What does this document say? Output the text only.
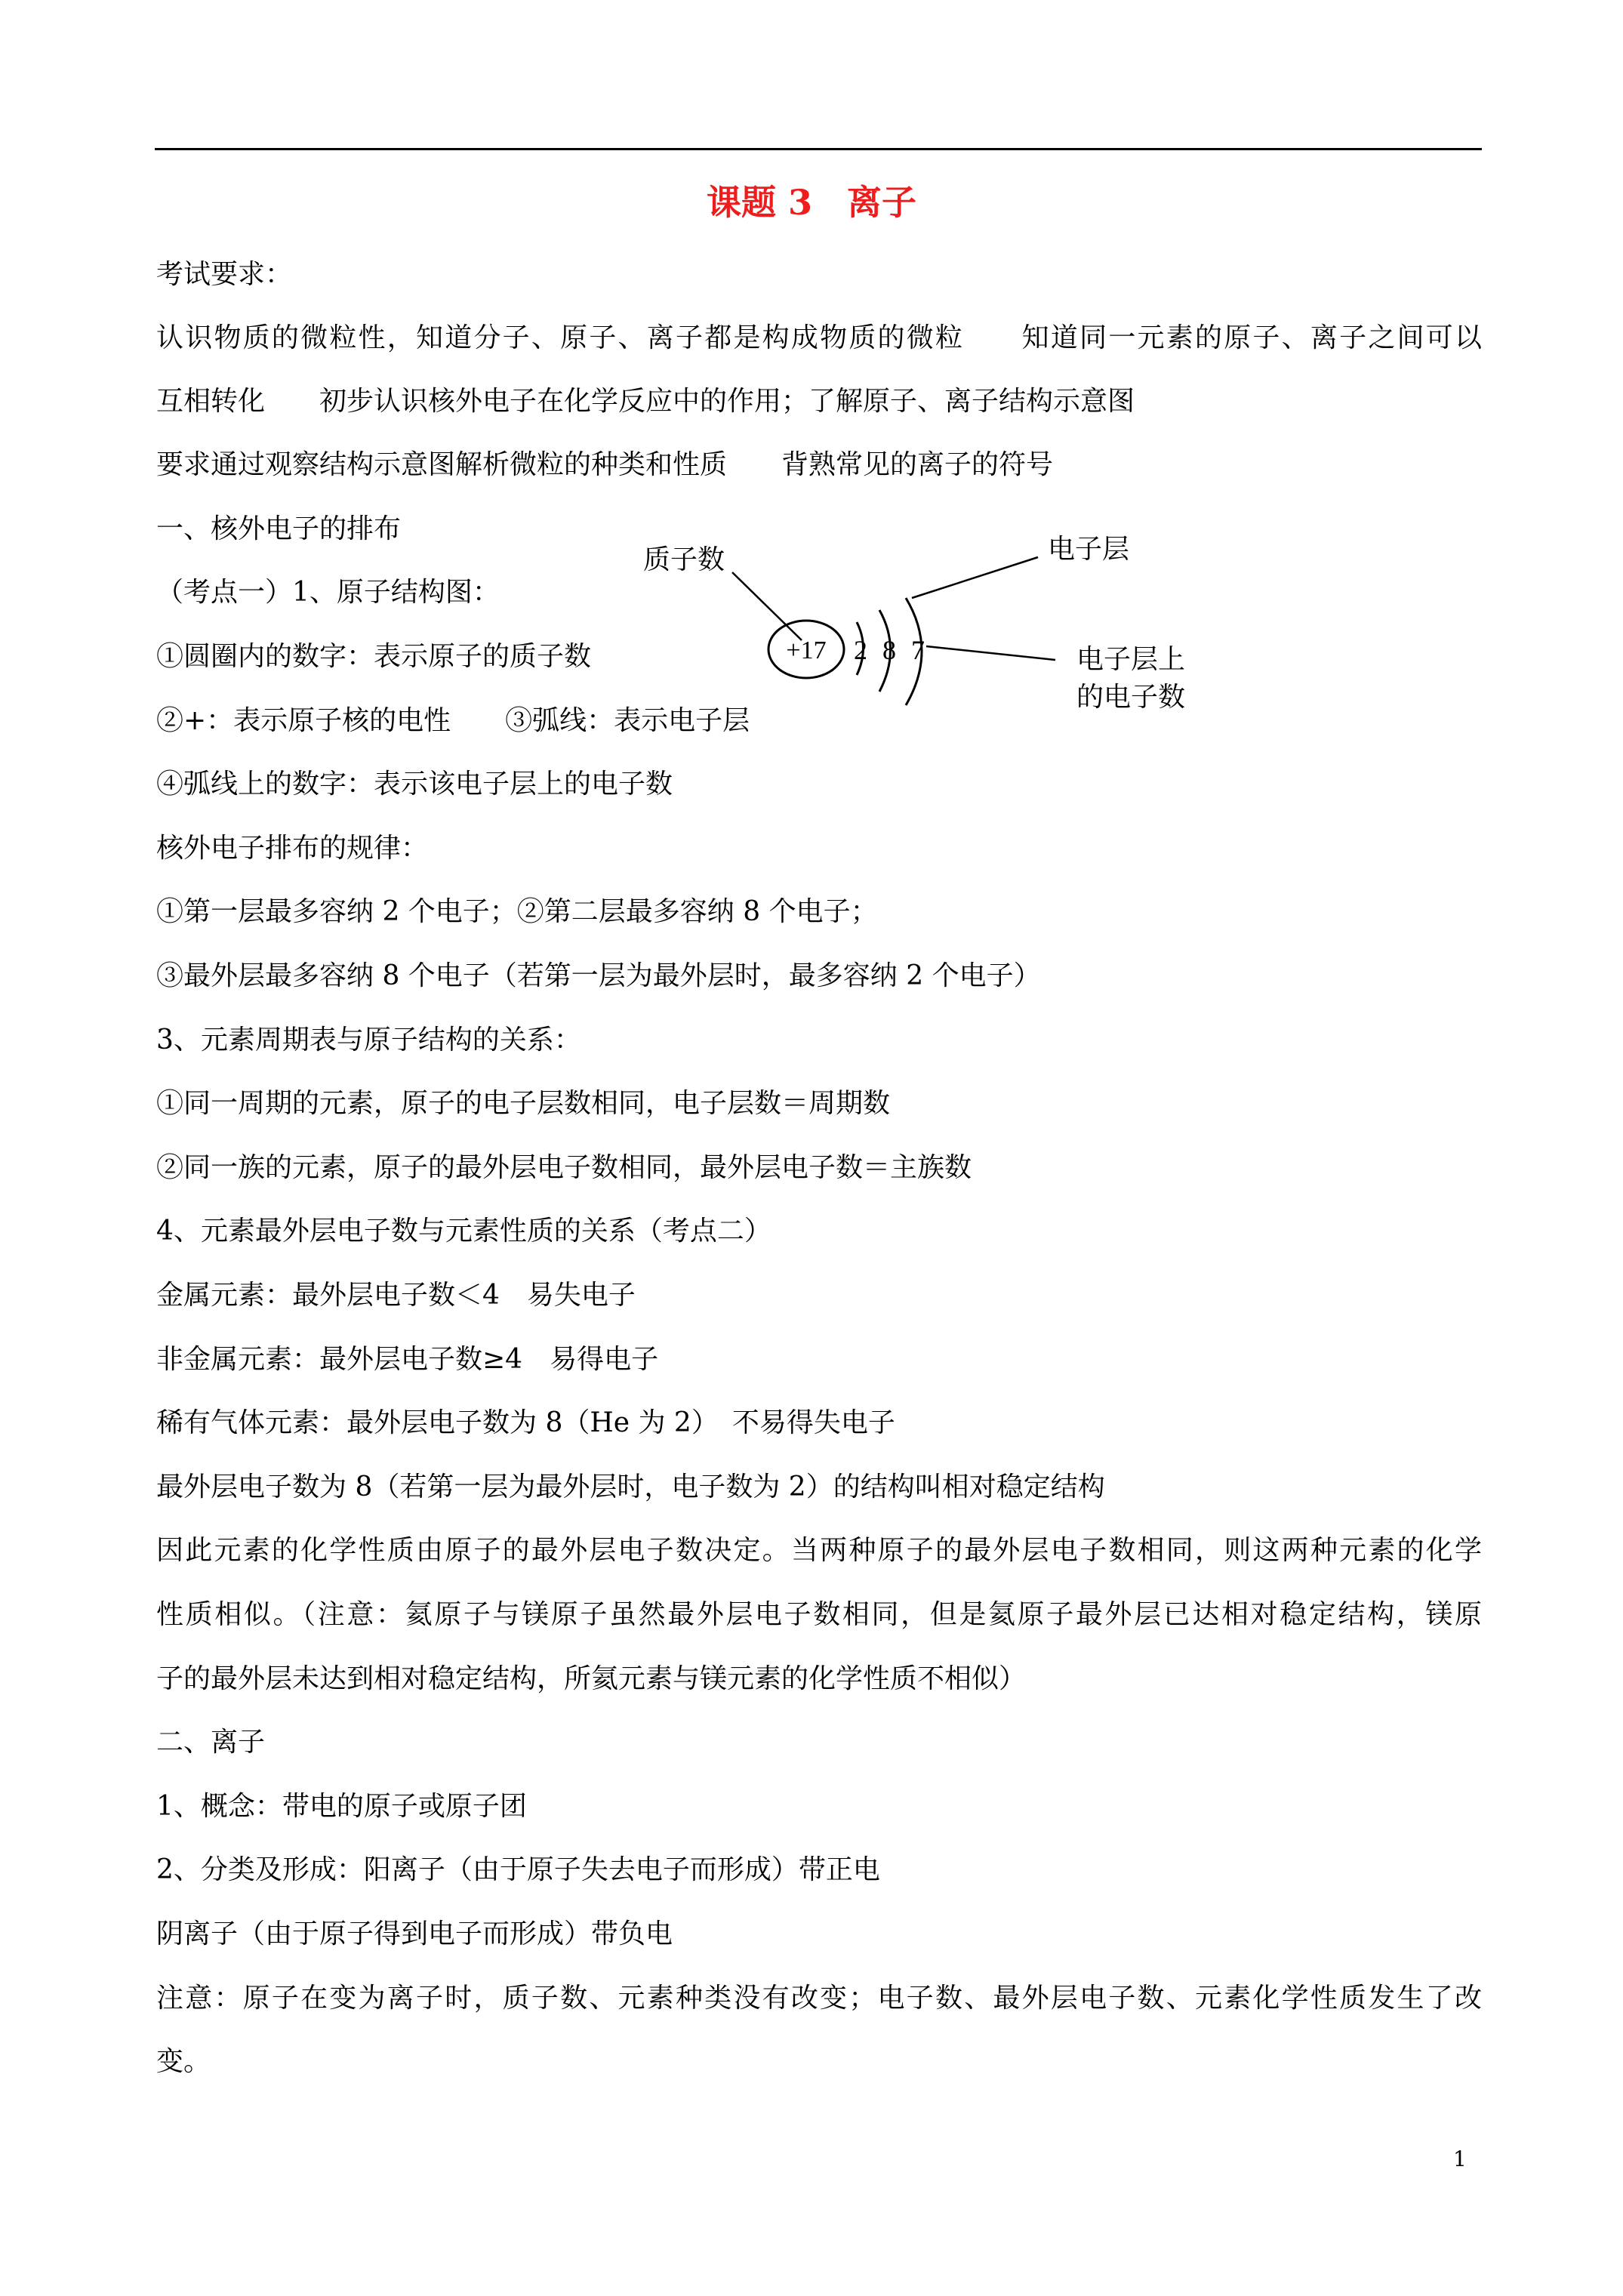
课题 3　离子
考试要求：
认识物质的微粒性，知道分子、原子、离子都是构成物质的微粒　　知道同一元素的原子、离子之间可以
互相转化　　初步认识核外电子在化学反应中的作用；了解原子、离子结构示意图
要求通过观察结构示意图解析微粒的种类和性质　　背熟常见的离子的符号
一、核外电子的排布
（考点一）1、原子结构图：
①圆圈内的数字：表示原子的质子数
②+：表示原子核的电性　　③弧线：表示电子层
④弧线上的数字：表示该电子层上的电子数
核外电子排布的规律：
①第一层最多容纳 2 个电子；②第二层最多容纳 8 个电子；
③最外层最多容纳 8 个电子（若第一层为最外层时，最多容纳 2 个电子）
3、元素周期表与原子结构的关系：
①同一周期的元素，原子的电子层数相同，电子层数＝周期数
②同一族的元素，原子的最外层电子数相同，最外层电子数＝主族数
4、元素最外层电子数与元素性质的关系（考点二）
金属元素：最外层电子数＜4　易失电子
非金属元素：最外层电子数≥4　易得电子
稀有气体元素：最外层电子数为 8（He 为 2）　不易得失电子
最外层电子数为 8（若第一层为最外层时，电子数为 2）的结构叫相对稳定结构
因此元素的化学性质由原子的最外层电子数决定。当两种原子的最外层电子数相同，则这两种元素的化学
性质相似。（注意：氦原子与镁原子虽然最外层电子数相同，但是氦原子最外层已达相对稳定结构，镁原
子的最外层未达到相对稳定结构，所氦元素与镁元素的化学性质不相似）
二、离子
1、概念：带电的原子或原子团
2、分类及形成：阳离子（由于原子失去电子而形成）带正电
阴离子（由于原子得到电子而形成）带负电
注意：原子在变为离子时，质子数、元素种类没有改变；电子数、最外层电子数、元素化学性质发生了改
变。
+17 2 8 7
质子数	电子层
电子层上
的电子数
1
